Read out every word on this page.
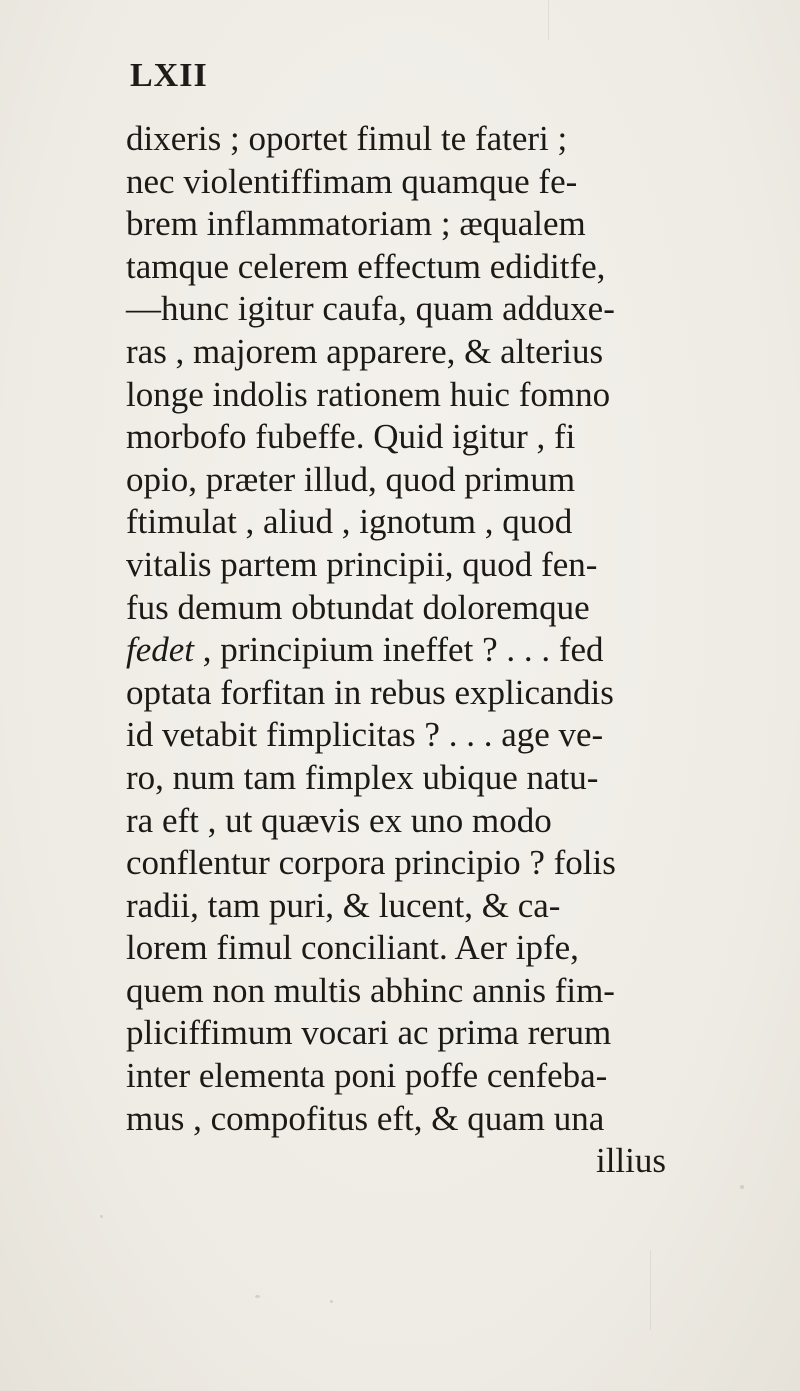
LXII
dixeris ; oportet fimul te fateri ;
nec violentiffimam quamque fe-
brem inflammatoriam ; æqualem
tamque celerem effectum ediditfe,
—hunc igitur caufa, quam adduxe-
ras , majorem apparere, & alterius
longe indolis rationem huic fomno
morbofo fubeffe. Quid igitur , fi
opio, præter illud, quod primum
ftimulat , aliud , ignotum , quod
vitalis partem principii, quod fen-
fus demum obtundat doloremque
fedet , principium ineffet ? . . . fed
optata forfitan in rebus explicandis
id vetabit fimplicitas ? . . . age ve-
ro, num tam fimplex ubique natu-
ra eft , ut quævis ex uno modo
conflentur corpora principio ? folis
radii, tam puri, & lucent, & ca-
lorem fimul conciliant. Aer ipfe,
quem non multis abhinc annis fim-
pliciffimum vocari ac prima rerum
inter elementa poni poffe cenfeba-
mus , compofitus eft, & quam una
illius
